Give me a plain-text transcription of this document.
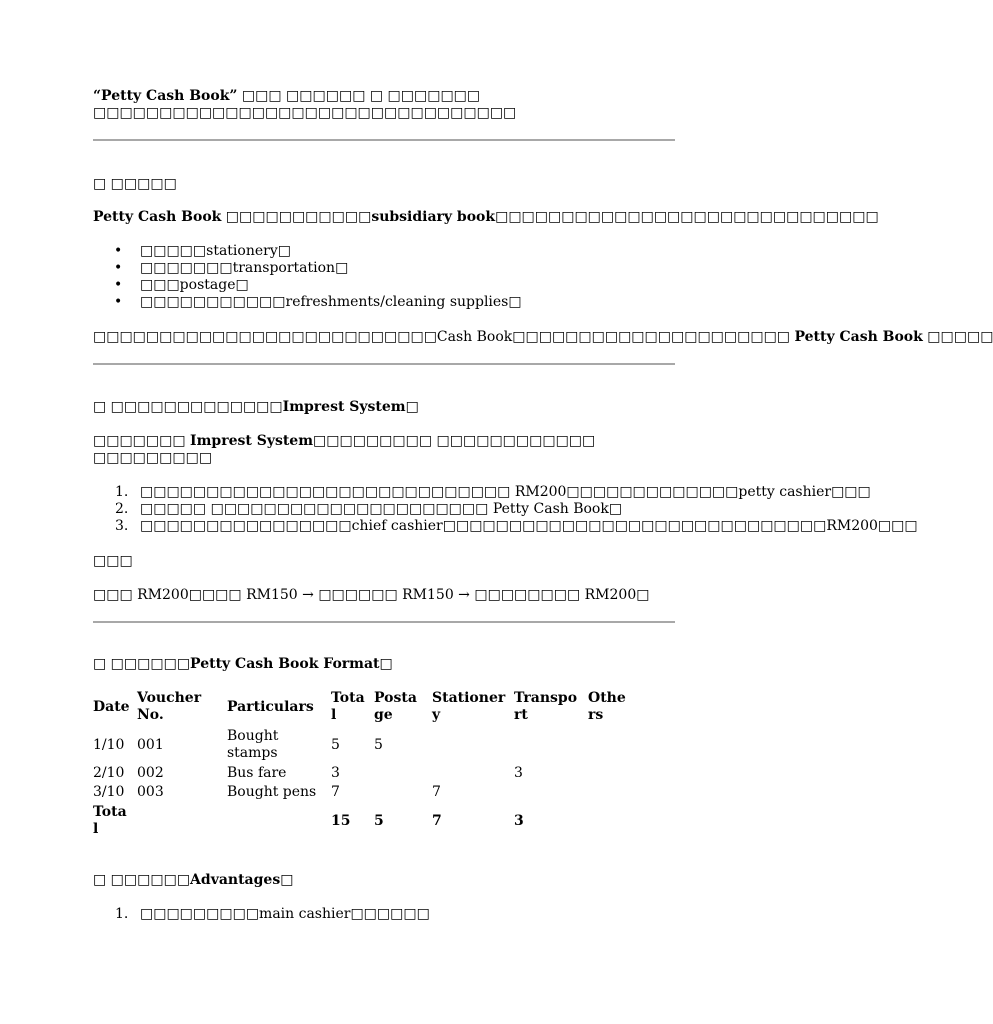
“Petty Cash Book” □□□ □□□□□□ □ □□□□□□□
□□□□□□□□□□□□□□□□□□□□□□□□□□□□□□□□
□ □□□□□
Petty Cash Book □□□□□□□□□□□subsidiary book□□□□□□□□□□□□□□□□□□□□□□□□□□□□□
• □□□□□stationery□
• □□□□□□□transportation□
• □□□postage□
• □□□□□□□□□□□refreshments/cleaning supplies□
□□□□□□□□□□□□□□□□□□□□□□□□□□Cash Book□□□□□□□□□□□□□□□□□□□□□ Petty Cash Book □□□□□
□ □□□□□□□□□□□□□Imprest System□
□□□□□□□ Imprest System□□□□□□□□□ □□□□□□□□□□□□
□□□□□□□□□
1. □□□□□□□□□□□□□□□□□□□□□□□□□□□□ RM200□□□□□□□□□□□□□petty cashier□□□
2. □□□□□ □□□□□□□□□□□□□□□□□□□□□ Petty Cash Book□
3. □□□□□□□□□□□□□□□□chief cashier□□□□□□□□□□□□□□□□□□□□□□□□□□□□□RM200□□□
□□□
□□□ RM200□□□□ RM150 → □□□□□□ RM150 → □□□□□□□□ RM200□
□ □□□□□□Petty Cash Book Format□
Date	Voucher No.	Particulars	Total	Postage	Stationery	Transport	Others
1/10	001	Bought stamps	5	5			
2/10	002	Bus fare	3			3	
3/10	003	Bought pens	7		7		
Total			15	5	7	3	
□ □□□□□□Advantages□
1. □□□□□□□□□main cashier□□□□□□
